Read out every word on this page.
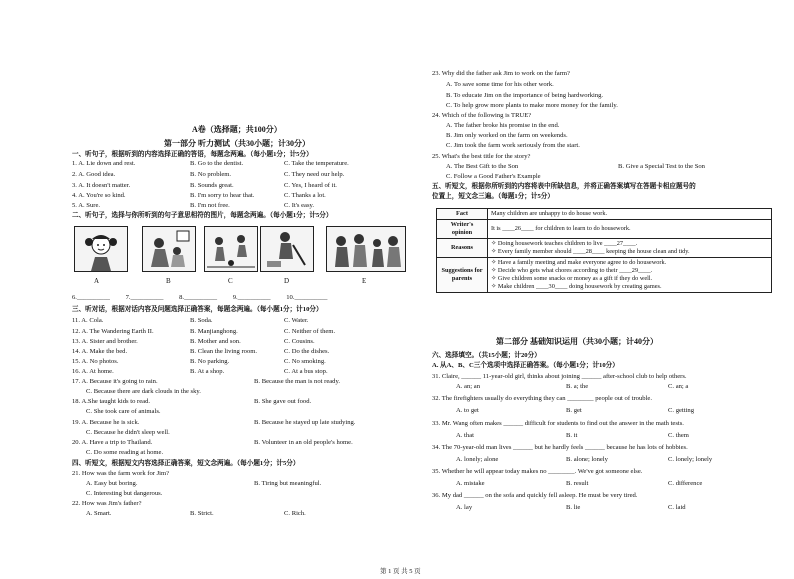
A卷（选择题；共100分）
第一部分 听力测试（共30小题；计30分）
一、听句子，根据听到的内容选择正确的答语，每题念两遍。（每小题1分；计5分）
1. A. Lie down and rest.	B. Go to the dentist.	C. Take the temperature.
2. A. Good idea.	B. No problem.	C. They need our help.
3. A. It doesn't matter.	B. Sounds great.	C. Yes, I heard of it.
4. A. You're so kind.	B. I'm sorry to hear that.	C. Thanks a lot.
5. A. Sure.	B. I'm not free.	C. It's easy.
二、听句子，选择与你所听到的句子意思相符的图片，每题念两遍。（每小题1分；计5分）
A	B	C	D	E
6.__________ 7.__________ 8.__________ 9.__________ 10.__________
三、听对话，根据对话内容及问题选择正确答案，每题念两遍。（每小题1分；计10分）
11. A. Cola.	B. Soda.	C. Water.
12. A. The Wandering Earth II.	B. Manjianghong.	C. Neither of them.
13. A. Sister and brother.	B. Mother and son.	C. Cousins.
14. A. Make the bed.	B. Clean the living room.	C. Do the dishes.
15. A. No photos.	B. No parking.	C. No smoking.
16. A. At home.	B. At a shop.	C. At a bus stop.
17. A. Because it's going to rain.	B. Because the man is not ready.
C. Because there are dark clouds in the sky.
18. A.She taught kids to read.	B. She gave out food.
C. She took care of animals.
19. A. Because he is sick.	B. Because he stayed up late studying.
C. Because he didn't sleep well.
20. A. Have a trip to Thailand.	B. Volunteer in an old people's home.
C. Do some reading at home.
四、听短文，根据短文内容选择正确答案，短文念两遍。（每小题1分；计5分）
21. How was the farm work for Jim?
A. Easy but boring.	B. Tiring but meaningful.
C. Interesting but dangerous.
22. How was Jim's father?
A. Smart.	B. Strict.	C. Rich.
23. Why did the father ask Jim to work on the farm?
A. To save some time for his other work.
B. To educate Jim on the importance of being hardworking.
C. To help grow more plants to make more money for the family.
24. Which of the following is TRUE?
A. The father broke his promise in the end.
B. Jim only worked on the farm on weekends.
C. Jim took the farm work seriously from the start.
25. What's the best title for the story?
A. The Best Gift to the Son	B. Give a Special Test to the Son
C. Follow a Good Father's Example
五、听短文，根据你所听到的内容将表中所缺信息，并将正确答案填写在答题卡相应题号的
位置上，短文念三遍。（每题1分；计5分）
Fact	Many children are unhappy to do house work.
Writer's opinion	It is ____26____ for children to learn to do housework.
Reasons	✧ Doing housework teaches children to live ____27____.
✧ Every family member should ____28____ keeping the house clean and tidy.

Suggestions for parents	✧ Have a family meeting and make everyone agree to do housework.
✧ Decide who gets what chores according to their ____29____.
✧ Give children some snacks or money as a gift if they do well.
✧ Make children ____30____ doing housework by creating games.
第二部分 基础知识运用（共30小题；计40分）
六、选择填空。（共15小题；计20分）
A. 从A、B、C三个选项中选择正确答案。（每小题1分；计10分）
31. Claire, ______ 11-year-old girl, thinks about joining ______ after-school club to help others.
A. an; an	B. a; the	C. an; a
32. The firefighters usually do everything they can ________ people out of trouble.
A. to get	B. get	C. getting
33. Mr. Wang often makes ______ difficult for students to find out the answer in the math tests.
A. that	B. it	C. them
34. The 70-year-old man lives ______ but he hardly feels ______ because he has lots of hobbies.
A. lonely; alone	B. alone; lonely	C. lonely; lonely
35. Whether he will appear today makes no ________. We've got someone else.
A. mistake	B. result	C. difference
36. My dad ______ on the sofa and quickly fell asleep. He must be very tired.
A. lay	B. lie	C. laid
第 1 页 共 5 页
